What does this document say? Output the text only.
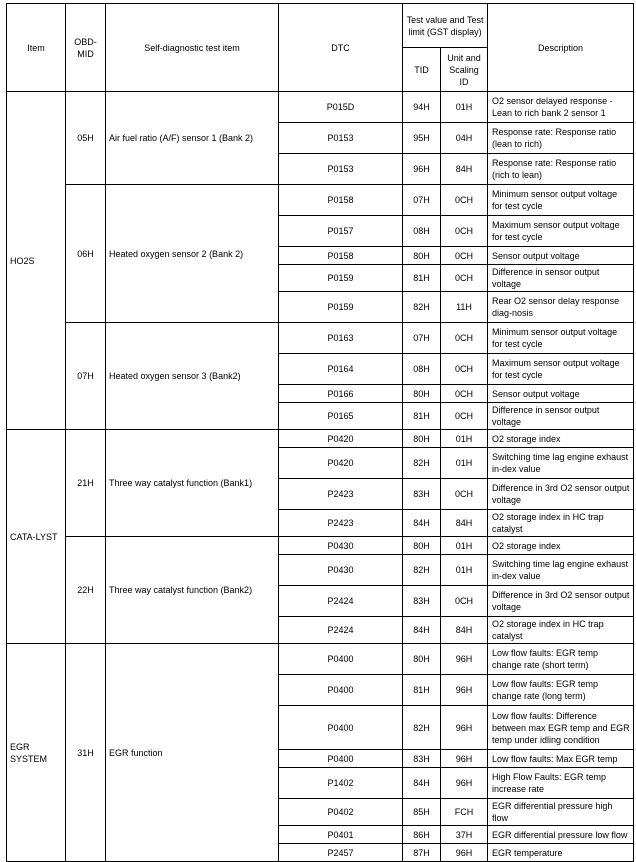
Item	OBD-MID	Self-diagnostic test item	DTC	Test value and Test limit (GST display)		Description
				TID	Unit and Scaling ID	
HO2S	05H	Air fuel ratio (A/F) sensor 1 (Bank 2)	P015D	94H	01H	O2 sensor delayed response - Lean to rich bank 2 sensor 1
			P0153	95H	04H	Response rate: Response ratio (lean to rich)
			P0153	96H	84H	Response rate: Response ratio (rich to lean)
	06H	Heated oxygen sensor 2 (Bank 2)	P0158	07H	0CH	Minimum sensor output voltage for test cycle
			P0157	08H	0CH	Maximum sensor output voltage for test cycle
			P0158	80H	0CH	Sensor output voltage
			P0159	81H	0CH	Difference in sensor output voltage
			P0159	82H	11H	Rear O2 sensor delay response diag-nosis
	07H	Heated oxygen sensor 3 (Bank2)	P0163	07H	0CH	Minimum sensor output voltage for test cycle
			P0164	08H	0CH	Maximum sensor output voltage for test cycle
			P0166	80H	0CH	Sensor output voltage
			P0165	81H	0CH	Difference in sensor output voltage
CATA-LYST	21H	Three way catalyst function (Bank1)	P0420	80H	01H	O2 storage index
			P0420	82H	01H	Switching time lag engine exhaust in-dex value
			P2423	83H	0CH	Difference in 3rd O2 sensor output voltage
			P2423	84H	84H	O2 storage index in HC trap catalyst
	22H	Three way catalyst function (Bank2)	P0430	80H	01H	O2 storage index
			P0430	82H	01H	Switching time lag engine exhaust in-dex value
			P2424	83H	0CH	Difference in 3rd O2 sensor output voltage
			P2424	84H	84H	O2 storage index in HC trap catalyst
EGR SYSTEM	31H	EGR function	P0400	80H	96H	Low flow faults: EGR temp change rate (short term)
			P0400	81H	96H	Low flow faults: EGR temp change rate (long term)
			P0400	82H	96H	Low flow faults: Difference between max EGR temp and EGR temp under idling condition
			P0400	83H	96H	Low flow faults: Max EGR temp
			P1402	84H	96H	High Flow Faults: EGR temp increase rate
			P0402	85H	FCH	EGR differential pressure high flow
			P0401	86H	37H	EGR differential pressure low flow
			P2457	87H	96H	EGR temperature
